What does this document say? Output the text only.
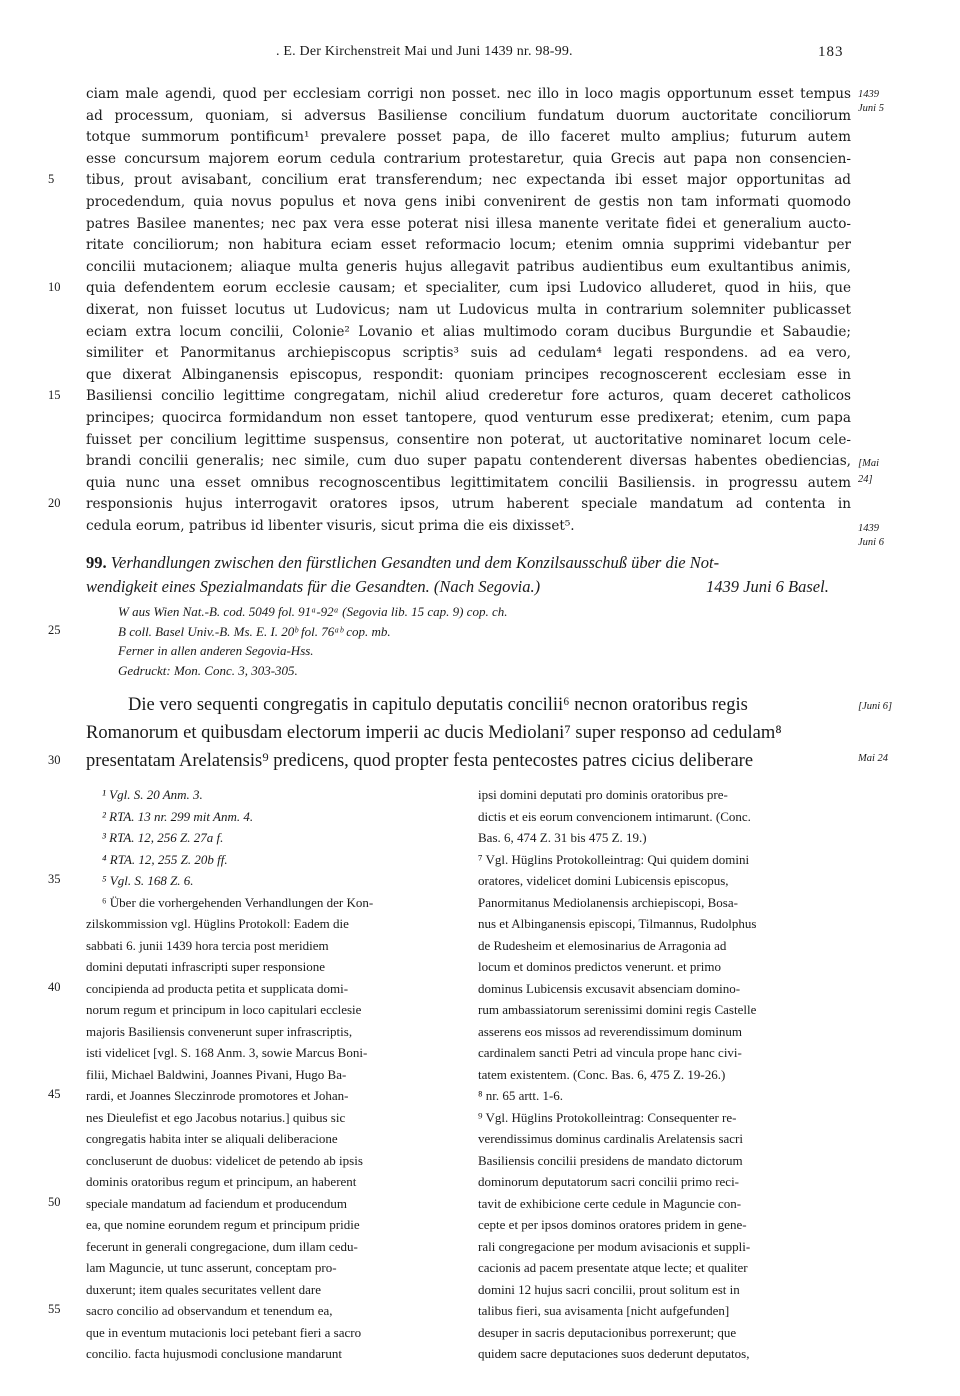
. E. Der Kirchenstreit Mai und Juni 1439 nr. 98-99.	183
ciam male agendi, quod per ecclesiam corrigi non posset. nec illo in loco magis opportunum esset tempus
ad processum, quoniam, si adversus Basiliense concilium fundatum duorum auctoritate conciliorum
totque summorum pontificum¹ prevalere posset papa, de illo faceret multo amplius; futurum autem
esse concursum majorem eorum cedula contrarium protestaretur, quia Grecis aut papa non consencien-
tibus, prout avisabant, concilium erat transferendum; nec expectanda ibi esset major opportunitas ad
5
procedendum, quia novus populus et nova gens inibi convenirent de gestis non tam informati quomodo
patres Basilee manentes; nec pax vera esse poterat nisi illesa manente veritate fidei et generalium aucto-
ritate conciliorum; non habitura eciam esset reformacio locum; etenim omnia supprimi videbantur per
concilii mutacionem; aliaque multa generis hujus allegavit patribus audientibus eum exultantibus animis,
quia defendentem eorum ecclesie causam; et specialiter, cum ipsi Ludovico alluderet, quod in hiis, que
10
dixerat, non fuisset locutus ut Ludovicus; nam ut Ludovicus multa in contrarium solemniter publicasset
eciam extra locum concilii, Colonie² Lovanio et alias multimodo coram ducibus Burgundie et Sabaudie;
similiter et Panormitanus archiepiscopus scriptis³ suis ad cedulam⁴ legati respondens. ad ea vero,
que dixerat Albinganensis episcopus, respondit: quoniam principes recognoscerent ecclesiam esse in
Basiliensi concilio legittime congregatam, nichil aliud crederetur fore acturos, quam deceret catholicos
15
principes; quocirca formidandum non esset tantopere, quod venturum esse predixerat; etenim, cum papa
fuisset per concilium legittime suspensus, consentire non poterat, ut auctoritative nominaret locum cele-
brandi concilii generalis; nec simile, cum duo super papatu contenderent diversas habentes obediencias,
quia nunc una esset omnibus recognoscentibus legittimitatem concilii Basiliensis. in progressu autem
responsionis hujus interrogavit oratores ipsos, utrum haberent speciale mandatum ad contenta in
20
cedula eorum, patribus id libenter visuris, sicut prima die eis dixisset⁵.
1439
Juni 5
[Mai
24]
1439
Juni 6
[Juni 6]
Mai 24
99. Verhandlungen zwischen den fürstlichen Gesandten und dem Konzilsausschuß über die Not-
wendigkeit eines Spezialmandats für die Gesandten. (Nach Segovia.)	1439 Juni 6 Basel.
W aus Wien Nat.-B. cod. 5049 fol. 91ᵃ-92ᵃ (Segovia lib. 15 cap. 9) cop. ch.
B coll. Basel Univ.-B. Ms. E. I. 20ᵇ fol. 76ᵃᵇ cop. mb.
25
Ferner in allen anderen Segovia-Hss.
Gedruckt: Mon. Conc. 3, 303-305.
Die vero sequenti congregatis in capitulo deputatis concilii⁶ necnon oratoribus regis
Romanorum et quibusdam electorum imperii ac ducis Mediolani⁷ super responso ad cedulam⁸
presentatam Arelatensis⁹ predicens, quod propter festa pentecostes patres cicius deliberare
30
¹ Vgl. S. 20 Anm. 3.
² RTA. 13 nr. 299 mit Anm. 4.
³ RTA. 12, 256 Z. 27a f.
⁴ RTA. 12, 255 Z. 20b ff.
⁵ Vgl. S. 168 Z. 6.
35
⁶ Über die vorhergehenden Verhandlungen der Kon-
zilskommission vgl. Hüglins Protokoll: Eadem die
sabbati 6. junii 1439 hora tercia post meridiem
domini deputati infrascripti super responsione
concipienda ad producta petita et supplicata domi-
40
norum regum et principum in loco capitulari ecclesie
majoris Basiliensis convenerunt super infrascriptis,
isti videlicet [vgl. S. 168 Anm. 3, sowie Marcus Boni-
filii, Michael Baldwini, Joannes Pivani, Hugo Ba-
rardi, et Joannes Sleczinrode promotores et Johan-
45
nes Dieulefist et ego Jacobus notarius.] quibus sic
congregatis habita inter se aliquali deliberacione
concluserunt de duobus: videlicet de petendo ab ipsis
dominis oratoribus regum et principum, an haberent
speciale mandatum ad faciendum et producendum
50
ea, que nomine eorundem regum et principum pridie
fecerunt in generali congregacione, dum illam cedu-
lam Maguncie, ut tunc asserunt, conceptam pro-
duxerunt; item quales securitates vellent dare
sacro concilio ad observandum et tenendum ea,
55
que in eventum mutacionis loci petebant fieri a sacro
concilio. facta hujusmodi conclusione mandarunt
ipsi domini deputati pro dominis oratoribus pre-
dictis et eis eorum convencionem intimarunt. (Conc.
Bas. 6, 474 Z. 31 bis 475 Z. 19.)
⁷ Vgl. Hüglins Protokolleintrag: Qui quidem domini
oratores, videlicet domini Lubicensis episcopus,
Panormitanus Mediolanensis archiepiscopi, Bosa-
nus et Albinganensis episcopi, Tilmannus, Rudolphus
de Rudesheim et elemosinarius de Arragonia ad
locum et dominos predictos venerunt. et primo
dominus Lubicensis excusavit absenciam domino-
rum ambassiatorum serenissimi domini regis Castelle
asserens eos missos ad reverendissimum dominum
cardinalem sancti Petri ad vincula prope hanc civi-
tatem existentem. (Conc. Bas. 6, 475 Z. 19-26.)
⁸ nr. 65 artt. 1-6.
⁹ Vgl. Hüglins Protokolleintrag: Consequenter re-
verendissimus dominus cardinalis Arelatensis sacri
Basiliensis concilii presidens de mandato dictorum
dominorum deputatorum sacri concilii primo reci-
tavit de exhibicione certe cedule in Maguncie con-
cepte et per ipsos dominos oratores pridem in gene-
rali congregacione per modum avisacionis et suppli-
cacionis ad pacem presentate atque lecte; et qualiter
domini 12 hujus sacri concilii, prout solitum est in
talibus fieri, sua avisamenta [nicht aufgefunden]
desuper in sacris deputacionibus porrexerunt; que
quidem sacre deputaciones suos dederunt deputatos,
